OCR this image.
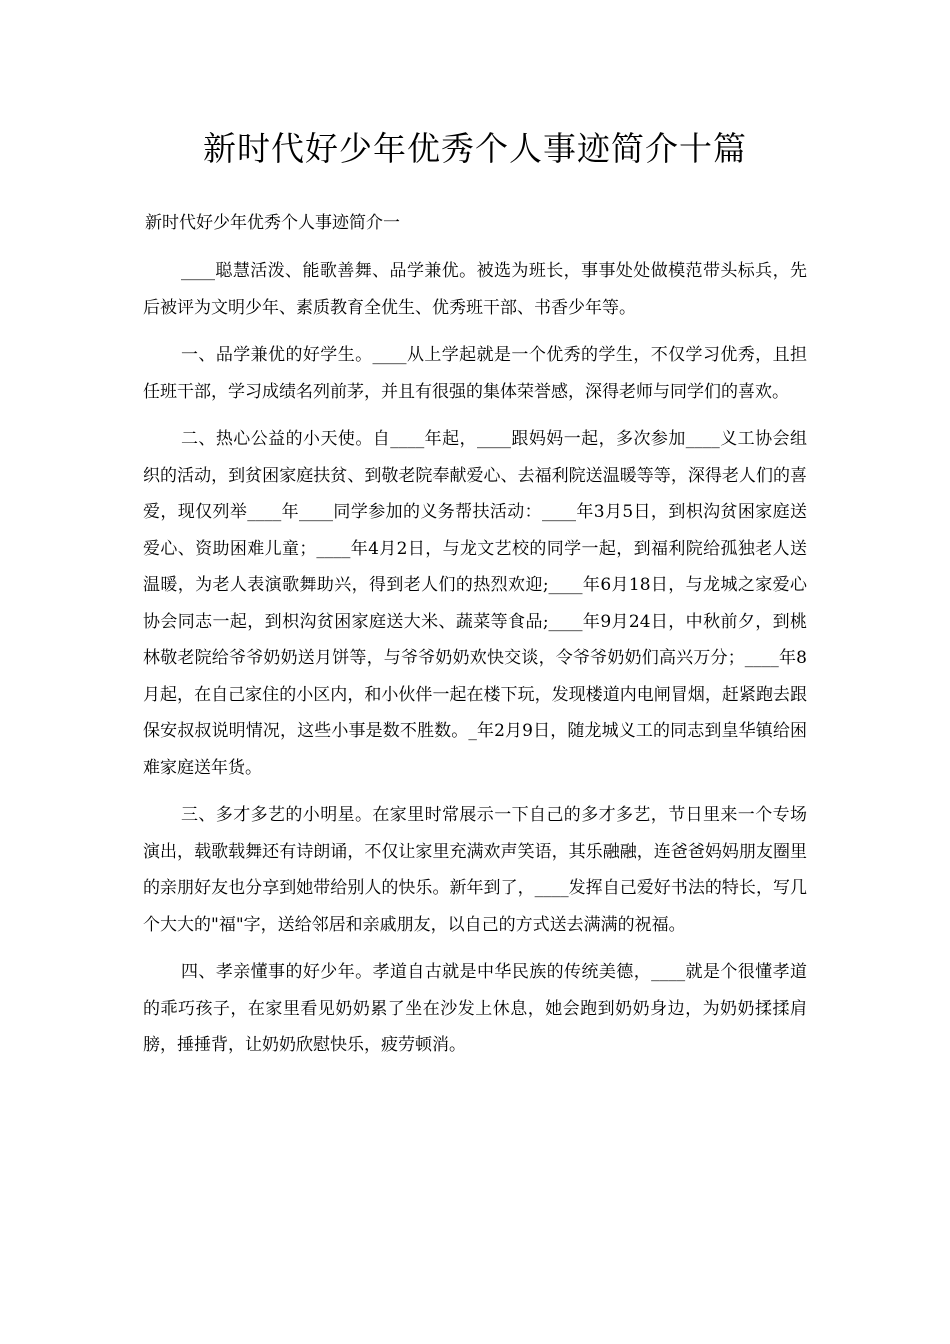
新时代好少年优秀个人事迹简介十篇
新时代好少年优秀个人事迹简介一

____聪慧活泼、能歌善舞、品学兼优。被选为班长，事事处处做模范带头标兵，先后被评为文明少年、素质教育全优生、优秀班干部、书香少年等。

一、品学兼优的好学生。____从上学起就是一个优秀的学生，不仅学习优秀，且担任班干部，学习成绩名列前茅，并且有很强的集体荣誉感，深得老师与同学们的喜欢。

二、热心公益的小天使。自____年起，____跟妈妈一起，多次参加____义工协会组织的活动，到贫困家庭扶贫、到敬老院奉献爱心、去福利院送温暖等等，深得老人们的喜爱，现仅列举____年____同学参加的义务帮扶活动：____年3月5日，到枳沟贫困家庭送爱心、资助困难儿童；____年4月2日，与龙文艺校的同学一起，到福利院给孤独老人送温暖，为老人表演歌舞助兴，得到老人们的热烈欢迎;____年6月18日，与龙城之家爱心协会同志一起，到枳沟贫困家庭送大米、蔬菜等食品;____年9月24日，中秋前夕，到桃林敬老院给爷爷奶奶送月饼等，与爷爷奶奶欢快交谈，令爷爷奶奶们高兴万分；____年8月起，在自己家住的小区内，和小伙伴一起在楼下玩，发现楼道内电闸冒烟，赶紧跑去跟保安叔叔说明情况，这些小事是数不胜数。_年2月9日，随龙城义工的同志到皇华镇给困难家庭送年货。

三、多才多艺的小明星。在家里时常展示一下自己的多才多艺，节日里来一个专场演出，载歌载舞还有诗朗诵，不仅让家里充满欢声笑语，其乐融融，连爸爸妈妈朋友圈里的亲朋好友也分享到她带给别人的快乐。新年到了，____发挥自己爱好书法的特长，写几个大大的"福"字，送给邻居和亲戚朋友，以自己的方式送去满满的祝福。

四、孝亲懂事的好少年。孝道自古就是中华民族的传统美德，____就是个很懂孝道的乖巧孩子，在家里看见奶奶累了坐在沙发上休息，她会跑到奶奶身边，为奶奶揉揉肩膀，捶捶背，让奶奶欣慰快乐，疲劳顿消。
